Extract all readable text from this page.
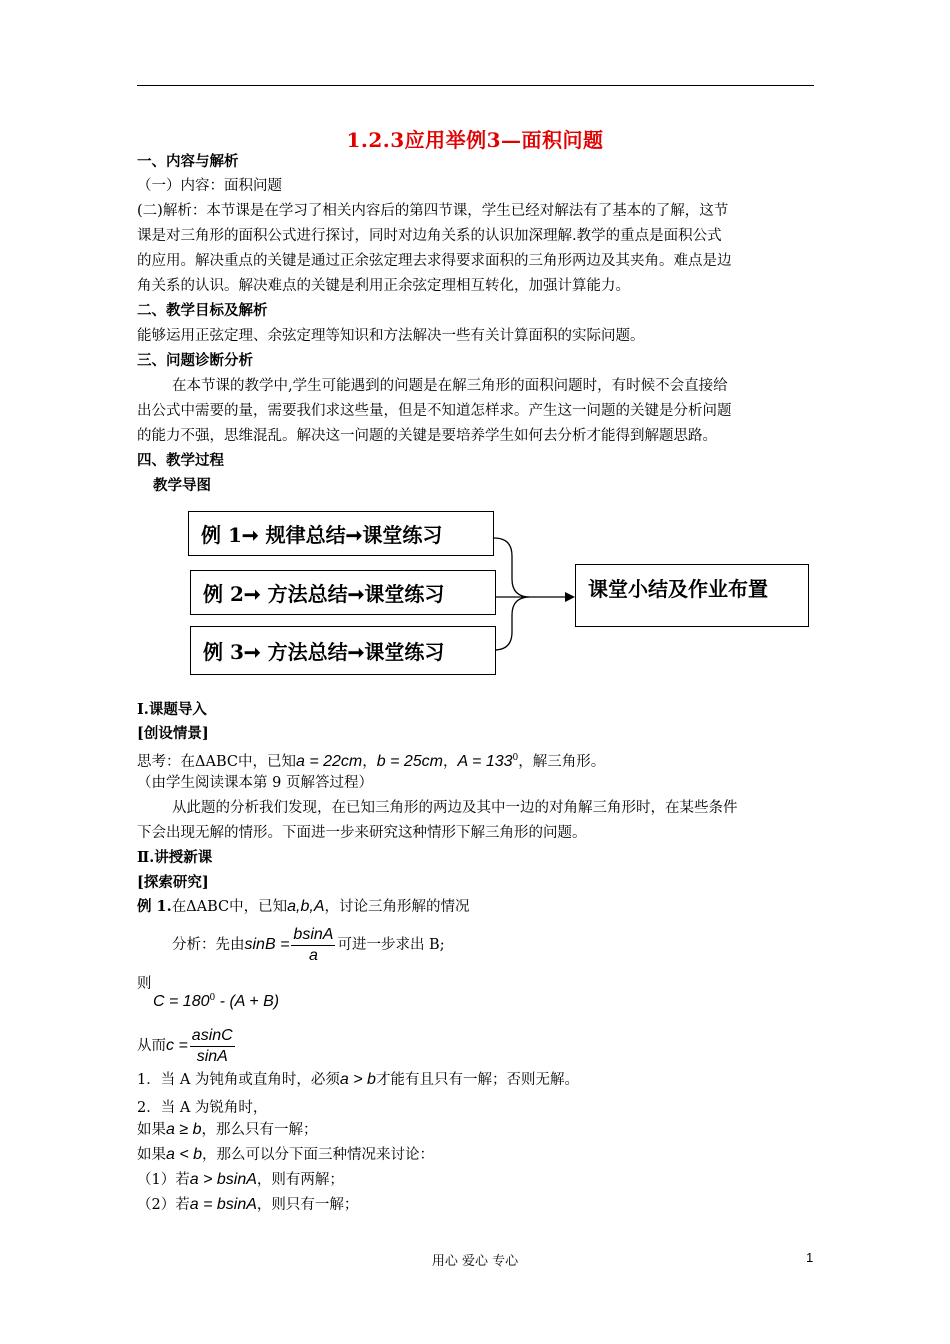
1.2.3应用举例3—面积问题
一、内容与解析
（一）内容：面积问题
(二)解析：本节课是在学习了相关内容后的第四节课，学生已经对解法有了基本的了解，这节
课是对三角形的面积公式进行探讨，同时对边角关系的认识加深理解.教学的重点是面积公式
的应用。解决重点的关键是通过正余弦定理去求得要求面积的三角形两边及其夹角。难点是边
角关系的认识。解决难点的关键是利用正余弦定理相互转化，加强计算能力。
二、教学目标及解析
能够运用正弦定理、余弦定理等知识和方法解决一些有关计算面积的实际问题。
三、问题诊断分析
在本节课的教学中,学生可能遇到的问题是在解三角形的面积问题时，有时候不会直接给
出公式中需要的量，需要我们求这些量，但是不知道怎样求。产生这一问题的关键是分析问题
的能力不强，思维混乱。解决这一问题的关键是要培养学生如何去分析才能得到解题思路。
四、教学过程
教学导图
例 1➞ 规律总结➞课堂练习
例 2➞ 方法总结➞课堂练习
例 3➞ 方法总结➞课堂练习
课堂小结及作业布置
Ⅰ.课题导入
[创设情景]
思考：在ΔABC中，已知a = 22cm，b = 25cm，$A = 133^0$，解三角形。
（由学生阅读课本第 9 页解答过程）
从此题的分析我们发现，在已知三角形的两边及其中一边的对角解三角形时，在某些条件
下会出现无解的情形。下面进一步来研究这种情形下解三角形的问题。
Ⅱ.讲授新课
[探索研究]
例 1.在ΔABC中，已知a,b,A，讨论三角形解的情况
分析：先由$\sin B = \frac{bsinA}{a}$ 可进一步求出 B;
则
$C = 180^0 - (A + B)$
从而$c = \frac{asinC}{\sin A}$
1．当 A 为钝角或直角时，必须a > b才能有且只有一解；否则无解。
2．当 A 为锐角时，
如果a ≥ b，那么只有一解；
如果a < b，那么可以分下面三种情况来讨论：
（1）若a > bsinA，则有两解；
（2）若a = bsinA，则只有一解；
用心 爱心 专心	1
